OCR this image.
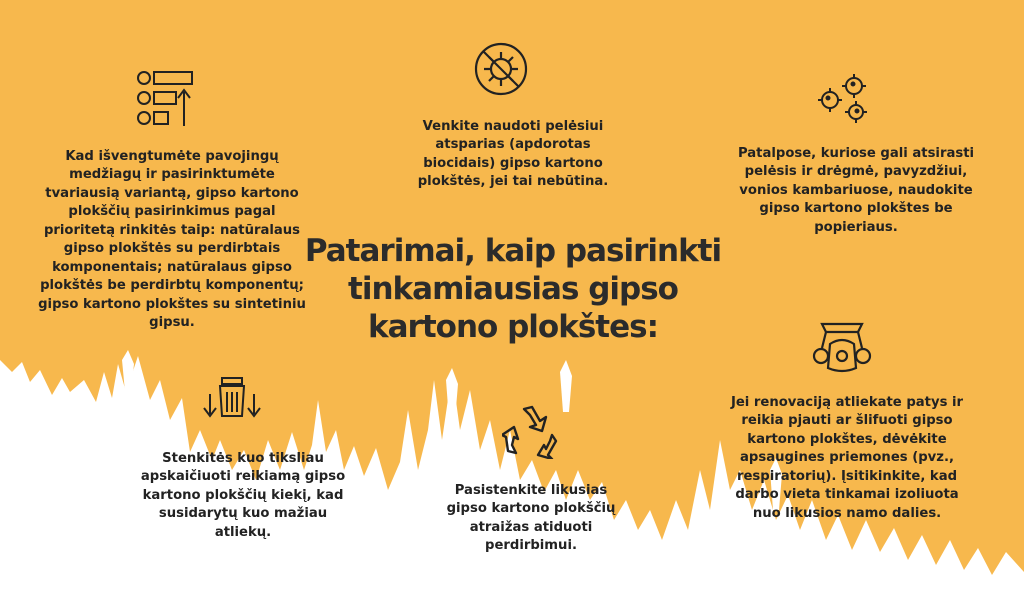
Kad išvengtumėte pavojingų
medžiagų ir pasirinktumėte
tvariausią variantą, gipso kartono
plokščių pasirinkimus pagal
prioritetą rinkitės taip: natūralaus
gipso plokštės su perdirbtais
komponentais; natūralaus gipso
plokštės be perdirbtų komponentų;
gipso kartono plokštes su sintetiniu
gipsu.
Venkite naudoti pelėsiui
atsparias (apdorotas
biocidais) gipso kartono
plokštės, jei tai nebūtina.
Patalpose, kuriose gali atsirasti
pelėsis ir drėgmė, pavyzdžiui,
vonios kambariuose, naudokite
gipso kartono plokštes be
popieriaus.
Stenkitės kuo tiksliau
apskaičiuoti reikiamą gipso
kartono plokščių kiekį, kad
susidarytų kuo mažiau
atliekų.
Pasistenkite likusias
gipso kartono plokščių
atraižas atiduoti
perdirbimui.
Jei renovaciją atliekate patys ir
reikia pjauti ar šlifuoti gipso
kartono plokštes, dėvėkite
apsaugines priemones (pvz.,
respiratorių). Įsitikinkite, kad
darbo vieta tinkamai izoliuota
nuo likusios namo dalies.
Patarimai, kaip pasirinkti
tinkamiausias gipso
kartono plokštes:
